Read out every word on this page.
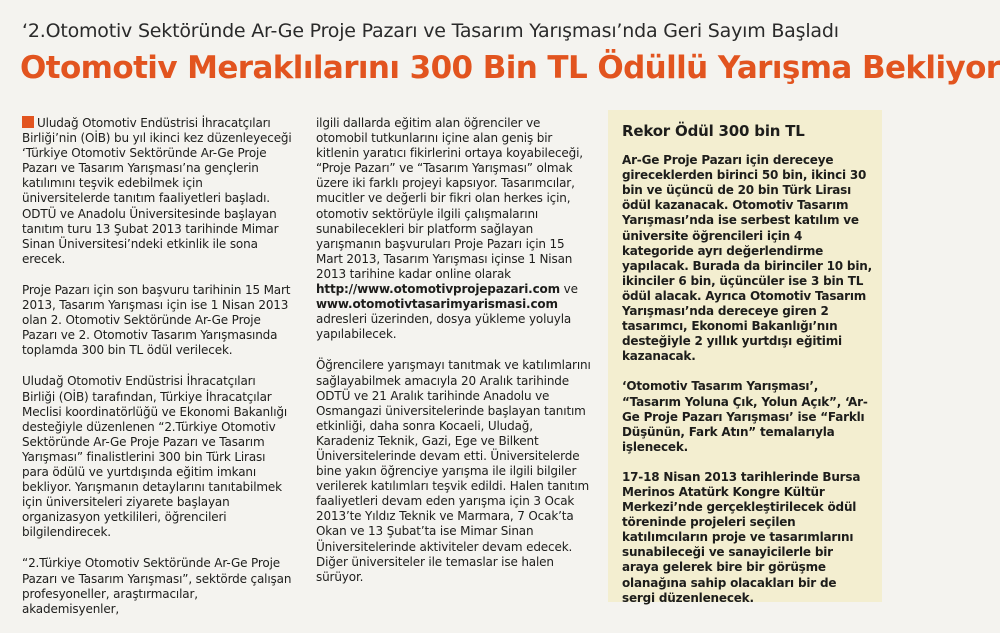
‘2.Otomotiv Sektöründe Ar-Ge Proje Pazarı ve Tasarım Yarışması’nda Geri Sayım Başladı
Otomotiv Meraklılarını 300 Bin TL Ödüllü Yarışma Bekliyor

Uludağ Otomotiv Endüstrisi İhracatçıları Birliği’nin (OİB) bu yıl ikinci kez düzenleyeceği ‘Türkiye Otomotiv Sektöründe Ar-Ge Proje Pazarı ve Tasarım Yarışması’na gençlerin katılımını teşvik edebilmek için üniversitelerde tanıtım faaliyetleri başladı. ODTÜ ve Anadolu Üniversitesinde başlayan tanıtım turu 13 Şubat 2013 tarihinde Mimar Sinan Üniversitesi’ndeki etkinlik ile sona erecek.

Proje Pazarı için son başvuru tarihinin 15 Mart 2013, Tasarım Yarışması için ise 1 Nisan 2013 olan 2. Otomotiv Sektöründe Ar-Ge Proje Pazarı ve 2. Otomotiv Tasarım Yarışmasında toplamda 300 bin TL ödül verilecek.

Uludağ Otomotiv Endüstrisi İhracatçıları Birliği (OİB) tarafından, Türkiye İhracatçılar Meclisi koordinatörlüğü ve Ekonomi Bakanlığı desteğiyle düzenlenen “2.Türkiye Otomotiv Sektöründe Ar-Ge Proje Pazarı ve Tasarım Yarışması” finalistlerini 300 bin Türk Lirası para ödülü ve yurtdışında eğitim imkanı bekliyor. Yarışmanın detaylarını tanıtabilmek için üniversiteleri ziyarete başlayan organizasyon yetkilileri, öğrencileri bilgilendirecek.

“2.Türkiye Otomotiv Sektöründe Ar-Ge Proje Pazarı ve Tasarım Yarışması”, sektörde çalışan profesyoneller, araştırmacılar, akademisyenler,

ilgili dallarda eğitim alan öğrenciler ve otomobil tutkunlarını içine alan geniş bir kitlenin yaratıcı fikirlerini ortaya koyabileceği, “Proje Pazarı” ve “Tasarım Yarışması” olmak üzere iki farklı projeyi kapsıyor. Tasarımcılar, mucitler ve değerli bir fikri olan herkes için, otomotiv sektörüyle ilgili çalışmalarını sunabilecekleri bir platform sağlayan yarışmanın başvuruları Proje Pazarı için 15 Mart 2013, Tasarım Yarışması içinse 1 Nisan 2013 tarihine kadar online olarak
http://www.otomotivprojepazari.com ve
www.otomotivtasarimyarismasi.com
adresleri üzerinden, dosya yükleme yoluyla yapılabilecek.

Öğrencilere yarışmayı tanıtmak ve katılımlarını sağlayabilmek amacıyla 20 Aralık tarihinde ODTÜ ve 21 Aralık tarihinde Anadolu ve Osmangazi üniversitelerinde başlayan tanıtım etkinliği, daha sonra Kocaeli, Uludağ, Karadeniz Teknik, Gazi, Ege ve Bilkent Üniversitelerinde devam etti. Üniversitelerde bine yakın öğrenciye yarışma ile ilgili bilgiler verilerek katılımları teşvik edildi. Halen tanıtım faaliyetleri devam eden yarışma için 3 Ocak 2013’te Yıldız Teknik ve Marmara, 7 Ocak’ta Okan ve 13 Şubat’ta ise Mimar Sinan Üniversitelerinde aktiviteler devam edecek. Diğer üniversiteler ile temaslar ise halen sürüyor.

Rekor Ödül 300 bin TL

Ar-Ge Proje Pazarı için dereceye gireceklerden birinci 50 bin, ikinci 30 bin ve üçüncü de 20 bin Türk Lirası ödül kazanacak. Otomotiv Tasarım Yarışması’nda ise serbest katılım ve üniversite öğrencileri için 4 kategoride ayrı değerlendirme yapılacak. Burada da birinciler 10 bin, ikinciler 6 bin, üçüncüler ise 3 bin TL ödül alacak. Ayrıca Otomotiv Tasarım Yarışması’nda dereceye giren 2 tasarımcı, Ekonomi Bakanlığı’nın desteğiyle 2 yıllık yurtdışı eğitimi kazanacak.

‘Otomotiv Tasarım Yarışması’, “Tasarım Yoluna Çık, Yolun Açık”, ‘Ar-Ge Proje Pazarı Yarışması’ ise “Farklı Düşünün, Fark Atın” temalarıyla işlenecek.

17-18 Nisan 2013 tarihlerinde Bursa Merinos Atatürk Kongre Kültür Merkezi’nde gerçekleştirilecek ödül töreninde projeleri seçilen katılımcıların proje ve tasarımlarını sunabileceği ve sanayicilerle bir araya gelerek bire bir görüşme olanağına sahip olacakları bir de sergi düzenlenecek.
